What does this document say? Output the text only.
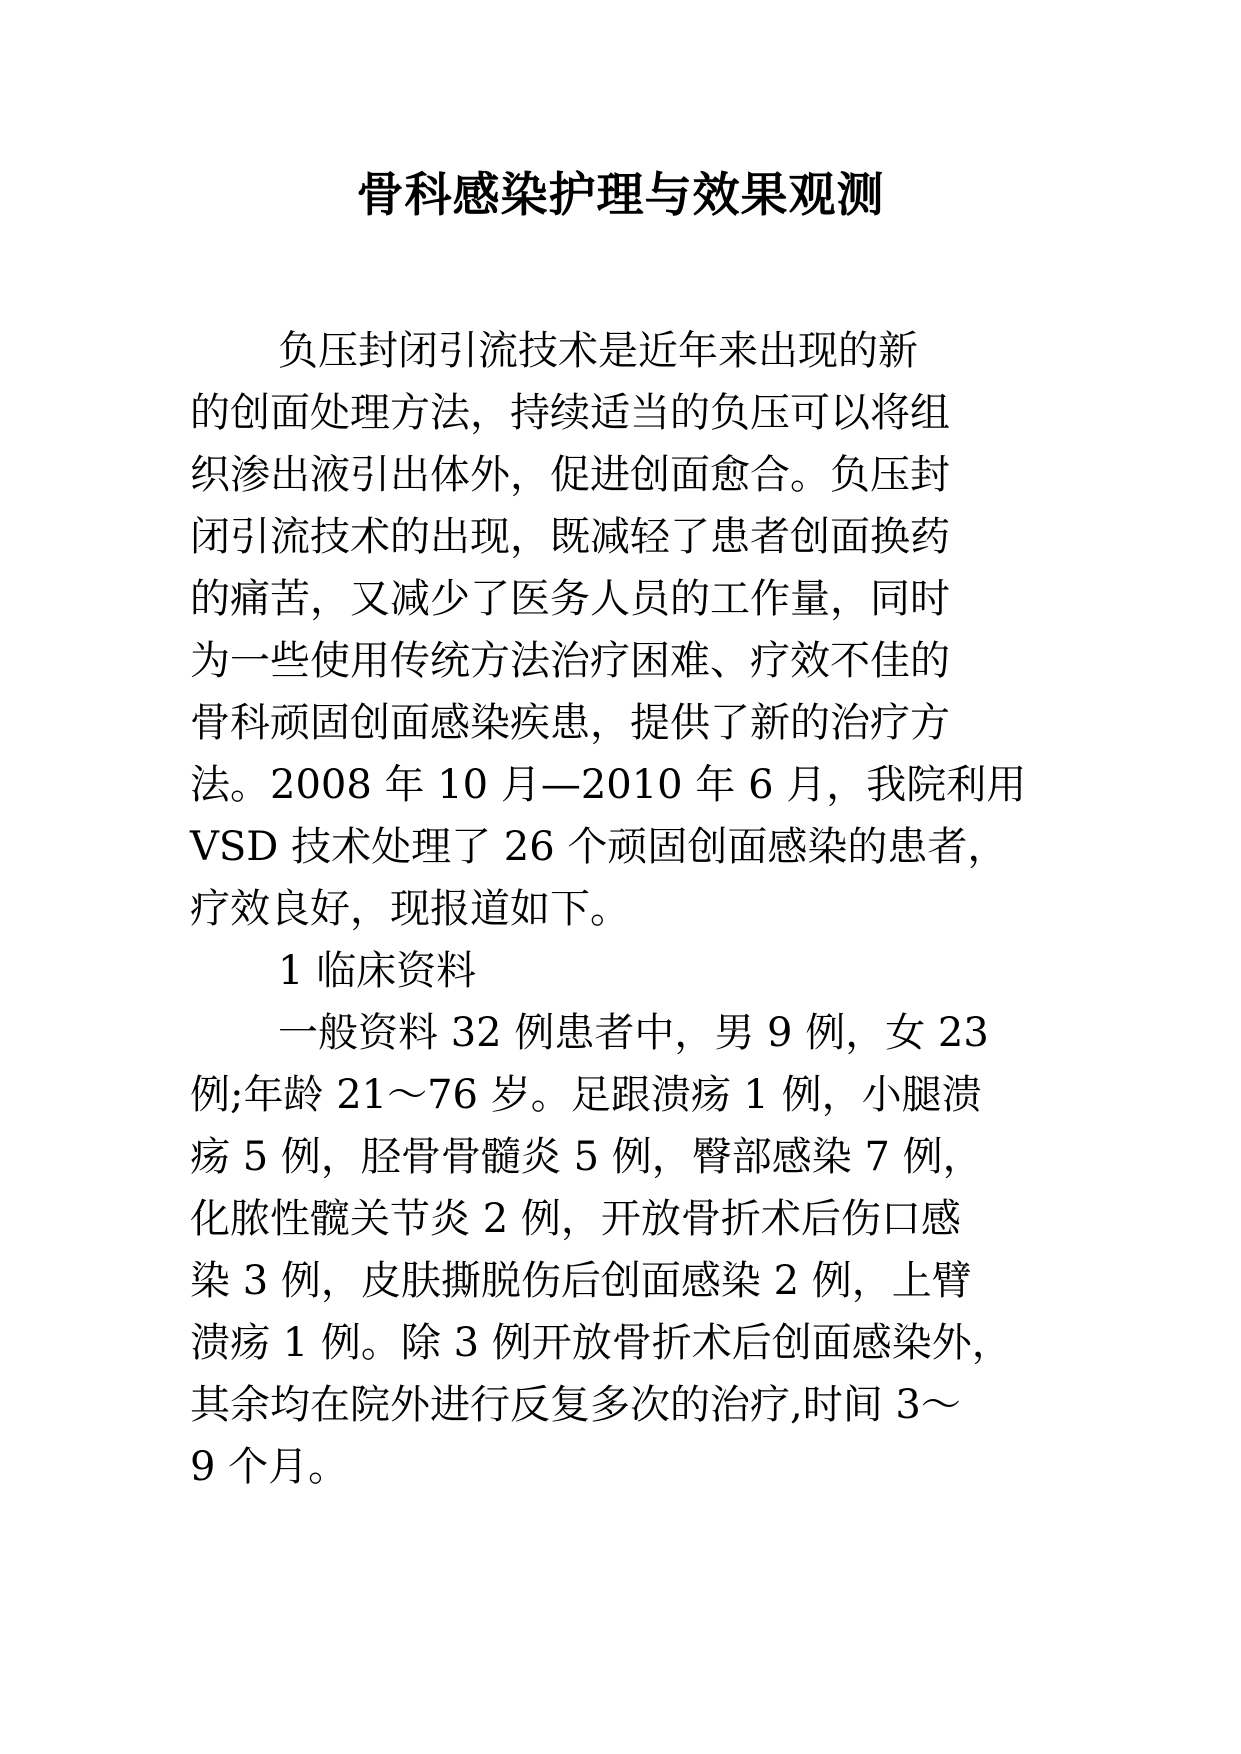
骨科感染护理与效果观测
负压封闭引流技术是近年来出现的新
的创面处理方法，持续适当的负压可以将组
织渗出液引出体外，促进创面愈合。负压封
闭引流技术的出现，既减轻了患者创面换药
的痛苦，又减少了医务人员的工作量，同时
为一些使用传统方法治疗困难、疗效不佳的
骨科顽固创面感染疾患，提供了新的治疗方
法。2008 年 10 月—2010 年 6 月，我院利用
VSD 技术处理了 26 个顽固创面感染的患者，
疗效良好，现报道如下。
1 临床资料
一般资料 32 例患者中，男 9 例，女 23
例;年龄 21～76 岁。足跟溃疡 1 例，小腿溃
疡 5 例，胫骨骨髓炎 5 例，臀部感染 7 例，
化脓性髋关节炎 2 例，开放骨折术后伤口感
染 3 例，皮肤撕脱伤后创面感染 2 例，上臂
溃疡 1 例。除 3 例开放骨折术后创面感染外，
其余均在院外进行反复多次的治疗,时间 3～
9 个月。
